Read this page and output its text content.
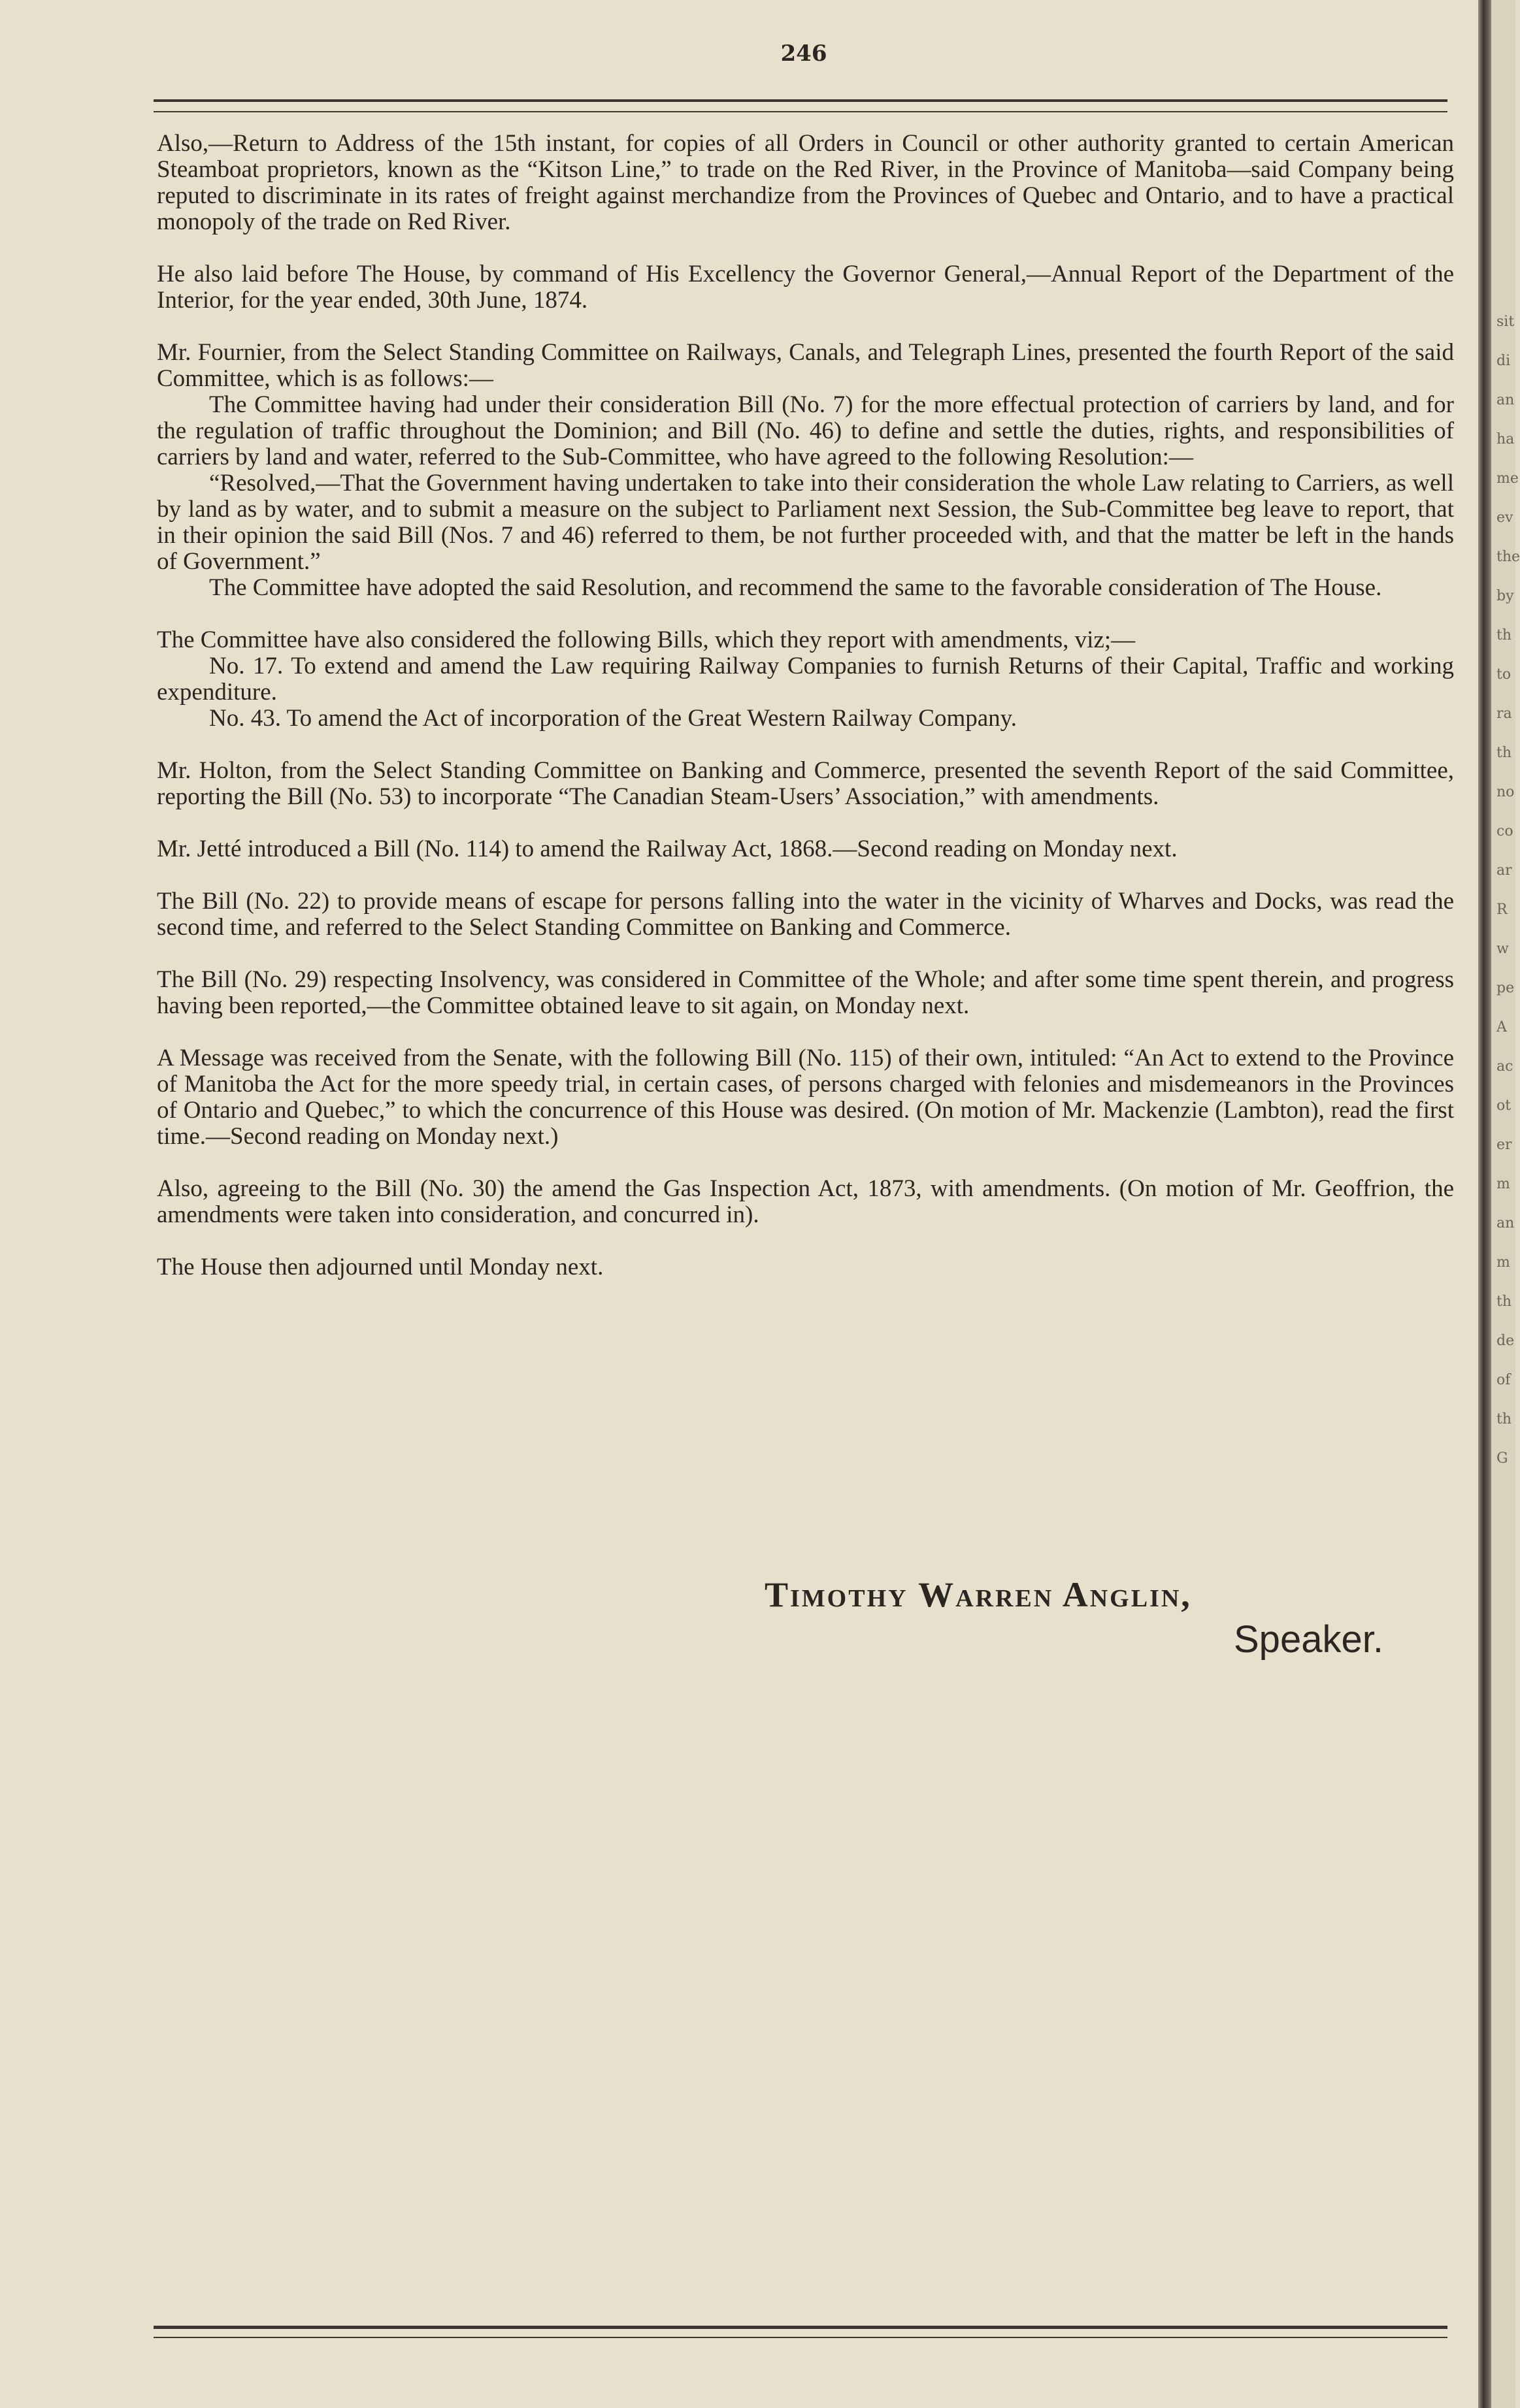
246

Also,—Return to Address of the 15th instant, for copies of all Orders in Council or other authority granted to certain American Steamboat proprietors, known as the “Kitson Line,” to trade on the Red River, in the Province of Manitoba—said Company being reputed to discriminate in its rates of freight against merchandize from the Provinces of Quebec and Ontario, and to have a practical monopoly of the trade on Red River.

He also laid before The House, by command of His Excellency the Governor General,—Annual Report of the Department of the Interior, for the year ended, 30th June, 1874.

Mr. Fournier, from the Select Standing Committee on Railways, Canals, and Telegraph Lines, presented the fourth Report of the said Committee, which is as follows:—

The Committee having had under their consideration Bill (No. 7) for the more effectual protection of carriers by land, and for the regulation of traffic throughout the Dominion; and Bill (No. 46) to define and settle the duties, rights, and responsibilities of carriers by land and water, referred to the Sub-Committee, who have agreed to the following Resolution:—

“Resolved,—That the Government having undertaken to take into their consideration the whole Law relating to Carriers, as well by land as by water, and to submit a measure on the subject to Parliament next Session, the Sub-Committee beg leave to report, that in their opinion the said Bill (Nos. 7 and 46) referred to them, be not further proceeded with, and that the matter be left in the hands of Government.”

The Committee have adopted the said Resolution, and recommend the same to the favorable consideration of The House.

The Committee have also considered the following Bills, which they report with amendments, viz;—

No. 17. To extend and amend the Law requiring Railway Companies to furnish Returns of their Capital, Traffic and working expenditure.

No. 43. To amend the Act of incorporation of the Great Western Railway Company.

Mr. Holton, from the Select Standing Committee on Banking and Commerce, presented the seventh Report of the said Committee, reporting the Bill (No. 53) to incorporate “The Canadian Steam-Users’ Association,” with amendments.

Mr. Jetté introduced a Bill (No. 114) to amend the Railway Act, 1868.—Second reading on Monday next.

The Bill (No. 22) to provide means of escape for persons falling into the water in the vicinity of Wharves and Docks, was read the second time, and referred to the Select Standing Committee on Banking and Commerce.

The Bill (No. 29) respecting Insolvency, was considered in Committee of the Whole; and after some time spent therein, and progress having been reported,—the Committee obtained leave to sit again, on Monday next.

A Message was received from the Senate, with the following Bill (No. 115) of their own, intituled: “An Act to extend to the Province of Manitoba the Act for the more speedy trial, in certain cases, of persons charged with felonies and misdemeanors in the Provinces of Ontario and Quebec,” to which the concurrence of this House was desired. (On motion of Mr. Mackenzie (Lambton), read the first time.—Second reading on Monday next.)

Also, agreeing to the Bill (No. 30) the amend the Gas Inspection Act, 1873, with amendments. (On motion of Mr. Geoffrion, the amendments were taken into consideration, and concurred in).

The House then adjourned until Monday next.

Timothy Warren Anglin,
Speaker.
sit
di
an
ha
me
ev
the
by
th
to
ra
th
no
co
ar
R
w
pe
A
ac
ot
er
m
an
m
th
de
of
th
G
